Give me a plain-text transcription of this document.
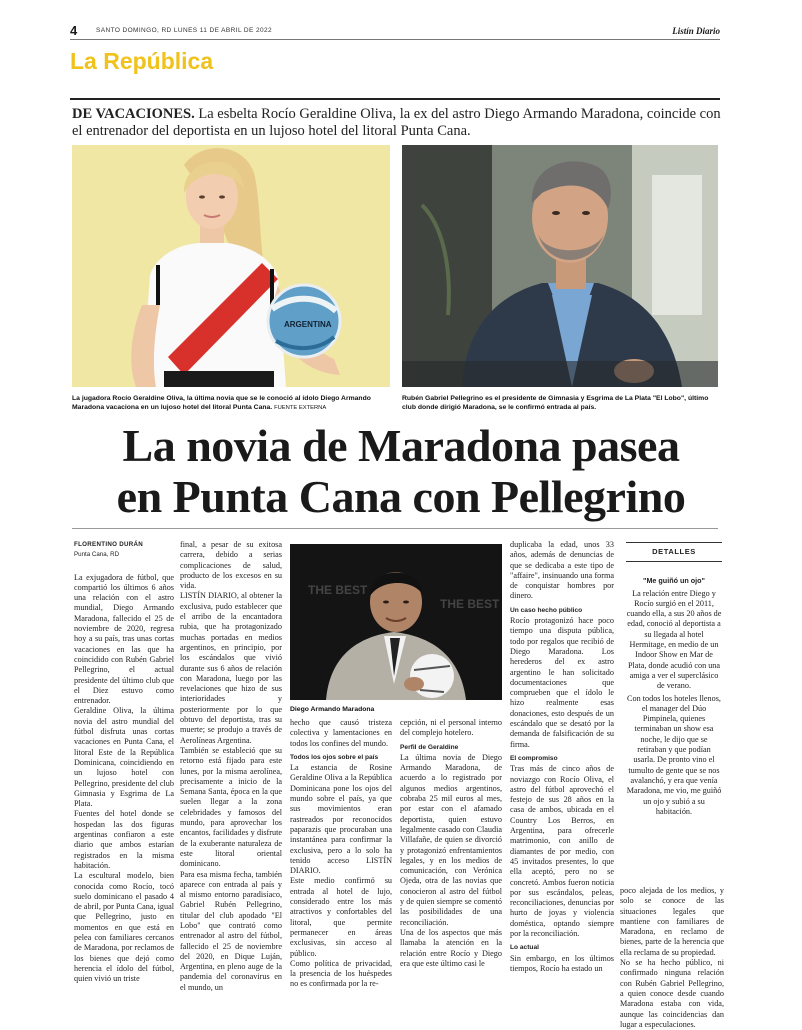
4	SANTO DOMINGO, RD LUNES 11 DE ABRIL DE 2022	Listín Diario
La República
DE VACACIONES. La esbelta Rocío Geraldine Oliva, la ex del astro Diego Armando Maradona, coincide con el entrenador del deportista en un lujoso hotel del litoral Punta Cana.
ARGENTINA
La jugadora Rocío Geraldine Oliva, la última novia que se le conoció al ídolo Diego Armando Maradona vacaciona en un lujoso hotel del litoral Punta Cana. FUENTE EXTERNA
Rubén Gabriel Pellegrino es el presidente de Gimnasia y Esgrima de La Plata "El Lobo", último club donde dirigió Maradona, se le confirmó entrada al país.
La novia de Maradona pasea
en Punta Cana con Pellegrino
FLORENTINO DURÁN
Punta Cana, RD

La exjugadora de fútbol, que compartió los últimos 6 años una relación con el astro mundial, Diego Armando Maradona, fallecido el 25 de noviembre de 2020, regresa hoy a su país, tras unas cortas vacaciones en las que ha coincidido con Rubén Gabriel Pellegrino, el actual presidente del último club que el Diez estuvo como entrenador.

Geraldine Oliva, la última novia del astro mundial del fútbol disfruta unas cortas vacaciones en Punta Cana, el litoral Este de la República Dominicana, coincidiendo en un lujoso hotel con Pellegrino, presidente del club Gimnasia y Esgrima de La Plata.

Fuentes del hotel donde se hospedan las dos figuras argentinas confiaron a este diario que ambos estarían registrados en la misma habitación.

La escultural modelo, bien conocida como Rocío, tocó suelo dominicano el pasado 4 de abril, por Punta Cana, igual que Pellegrino, justo en momentos en que está en pelea con familiares cercanos de Maradona, por reclamos de los bienes que dejó como herencia el ídolo del fútbol, quien vivió un triste

final, a pesar de su exitosa carrera, debido a serias complicaciones de salud, producto de los excesos en su vida.

LISTÍN DIARIO, al obtener la exclusiva, pudo establecer que el arribo de la encantadora rubia, que ha protagonizado muchas portadas en medios argentinos, en principio, por los escándalos que vivió durante sus 6 años de relación con Maradona, luego por las revelaciones que hizo de sus interioridades y posteriormente por lo que obtuvo del deportista, tras su muerte; se produjo a través de Aerolíneas Argentina.

También se estableció que su retorno está fijado para este lunes, por la misma aerolínea, precisamente a inicio de la Semana Santa, época en la que suelen llegar a la zona celebridades y famosos del mundo, para aprovechar los encantos, facilidades y disfrute de la exuberante naturaleza de este litoral oriental dominicano.

Para esa misma fecha, también aparece con entrada al país y al mismo entorno paradisíaco, Gabriel Rubén Pellegrino, titular del club apodado "El Lobo" que contrató como entrenador al astro del fútbol, fallecido el 25 de noviembre del 2020, en Dique Luján, Argentina, en pleno auge de la pandemia del coronavirus en el mundo, un

THE BEST
THE BEST
Diego Armando Maradona

hecho que causó tristeza colectiva y lamentaciones en todos los confines del mundo.

Todos los ojos sobre el país

La estancia de Rosine Geraldine Oliva a la República Dominicana pone los ojos del mundo sobre el país, ya que sus movimientos eran rastreados por reconocidos paparazis que procuraban una instantánea para confirmar la exclusiva, pero a lo solo ha tenido acceso LISTÍN DIARIO.

Este medio confirmó su entrada al hotel de lujo, considerado entre los más atractivos y confortables del litoral, que permite permanecer en áreas exclusivas, sin acceso al público.

Como política de privacidad, la presencia de los huéspedes no es confirmada por la re-

cepción, ni el personal interno del complejo hotelero.

Perfil de Geraldine

La última novia de Diego Armando Maradona, de acuerdo a lo registrado por algunos medios argentinos, cobraba 25 mil euros al mes, por estar con el afamado deportista, quien estuvo legalmente casado con Claudia Villafañe, de quien se divorció y protagonizó enfrentamientos legales, y en los medios de comunicación, con Verónica Ojeda, otra de las novias que conocieron al astro del fútbol y de quien siempre se comentó las posibilidades de una reconciliación.

Una de los aspectos que más llamaba la atención en la relación entre Rocío y Diego era que este último casi le

duplicaba la edad, unos 33 años, además de denuncias de que se dedicaba a este tipo de "affaire", insinuando una forma de conquistar hombres por dinero.

Un caso hecho público

Rocío protagonizó hace poco tiempo una disputa pública, todo por regalos que recibió de Diego Maradona. Los herederos del ex astro argentino le han solicitado documentaciones que comprueben que el ídolo le hizo realmente esas donaciones, esto después de un escándalo que se desató por la demanda de falsificación de su firma.

El compromiso

Tras más de cinco años de noviazgo con Rocío Oliva, el astro del fútbol aprovechó el festejo de sus 28 años en la casa de ambos, ubicada en el Country Los Berros, en Argentina, para ofrecerle matrimonio, con anillo de diamantes de por medio, con 45 invitados presentes, lo que ella aceptó, pero no se concretó. Ambos fueron noticia por sus escándalos, peleas, reconciliaciones, denuncias por hurto de joyas y violencia doméstica, optando siempre por la reconciliación.

Lo actual

Sin embargo, en los últimos tiempos, Rocío ha estado un

DETALLES
"Me guiñó un ojo"

La relación entre Diego y Rocío surgió en el 2011, cuando ella, a sus 20 años de edad, conoció al deportista a su llegada al hotel Hermitage, en medio de un Indoor Show en Mar de Plata, donde acudió con una amiga a ver el superclásico de verano.

Con todos los hoteles llenos, el manager del Dúo Pimpinela, quienes terminaban un show esa noche, le dijo que se retiraban y que podían usarla. De pronto vino el tumulto de gente que se nos avalanchó, y era que venía Maradona, me vio, me guiñó un ojo y subió a su habitación.

poco alejada de los medios, y solo se conoce de las situaciones legales que mantiene con familiares de Maradona, en reclamo de bienes, parte de la herencia que ella reclama de su propiedad.

No se ha hecho público, ni confirmado ninguna relación con Rubén Gabriel Pellegrino, a quien conoce desde cuando Maradona estaba con vida, aunque las coincidencias dan lugar a especulaciones.
